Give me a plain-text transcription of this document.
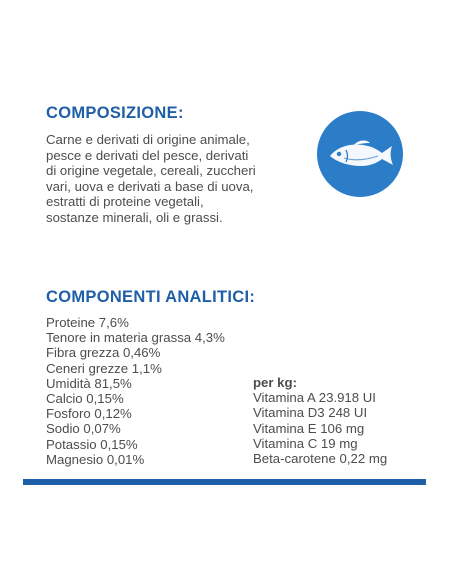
COMPOSIZIONE:
Carne e derivati di origine animale,
pesce e derivati del pesce, derivati
di origine vegetale, cereali, zuccheri
vari, uova e derivati a base di uova,
estratti di proteine vegetali,
sostanze minerali, oli e grassi.
COMPONENTI ANALITICI:
Proteine 7,6%
Tenore in materia grassa 4,3%
Fibra grezza 0,46%
Ceneri grezze 1,1%
Umidità 81,5%
Calcio 0,15%
Fosforo 0,12%
Sodio 0,07%
Potassio 0,15%
Magnesio 0,01%
per kg:
Vitamina A 23.918 UI
Vitamina D3 248 UI
Vitamina E 106 mg
Vitamina C 19 mg
Beta-carotene 0,22 mg
